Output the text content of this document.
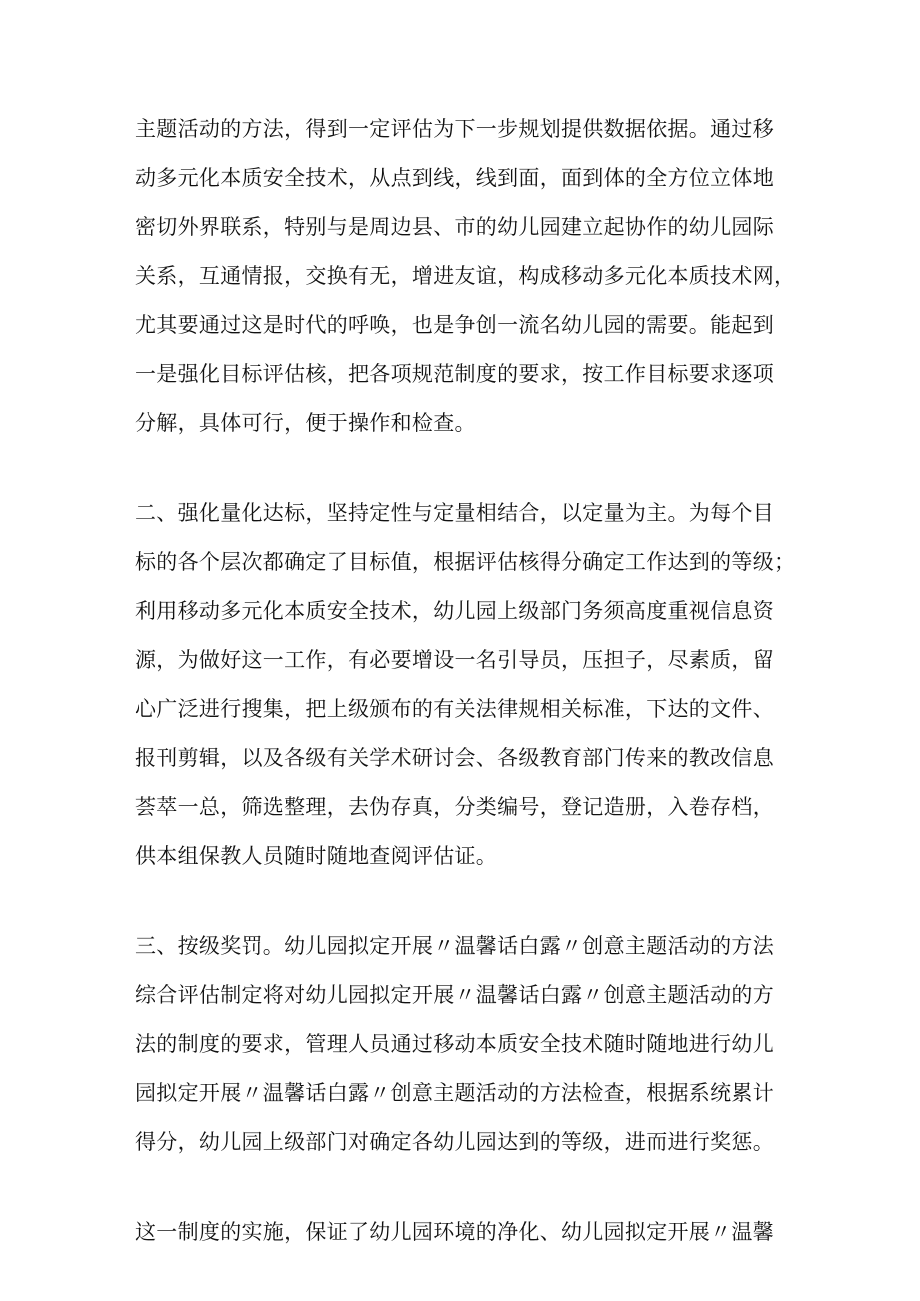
主题活动的方法，得到一定评估为下一步规划提供数据依据。通过移
动多元化本质安全技术，从点到线，线到面，面到体的全方位立体地
密切外界联系，特别与是周边县、市的幼儿园建立起协作的幼儿园际
关系，互通情报，交换有无，增进友谊，构成移动多元化本质技术网，
尤其要通过这是时代的呼唤，也是争创一流名幼儿园的需要。能起到
一是强化目标评估核，把各项规范制度的要求，按工作目标要求逐项
分解，具体可行，便于操作和检查。
二、强化量化达标，坚持定性与定量相结合，以定量为主。为每个目
标的各个层次都确定了目标值，根据评估核得分确定工作达到的等级；
利用移动多元化本质安全技术，幼儿园上级部门务须高度重视信息资
源，为做好这一工作，有必要增设一名引导员，压担子，尽素质，留
心广泛进行搜集，把上级颁布的有关法律规相关标准，下达的文件、
报刊剪辑，以及各级有关学术研讨会、各级教育部门传来的教改信息
荟萃一总，筛选整理，去伪存真，分类编号，登记造册，入卷存档，
供本组保教人员随时随地查阅评估证。
三、按级奖罚。幼儿园拟定开展〃温馨话白露〃创意主题活动的方法
综合评估制定将对幼儿园拟定开展〃温馨话白露〃创意主题活动的方
法的制度的要求，管理人员通过移动本质安全技术随时随地进行幼儿
园拟定开展〃温馨话白露〃创意主题活动的方法检查，根据系统累计
得分，幼儿园上级部门对确定各幼儿园达到的等级，进而进行奖惩。
这一制度的实施，保证了幼儿园环境的净化、幼儿园拟定开展〃温馨
